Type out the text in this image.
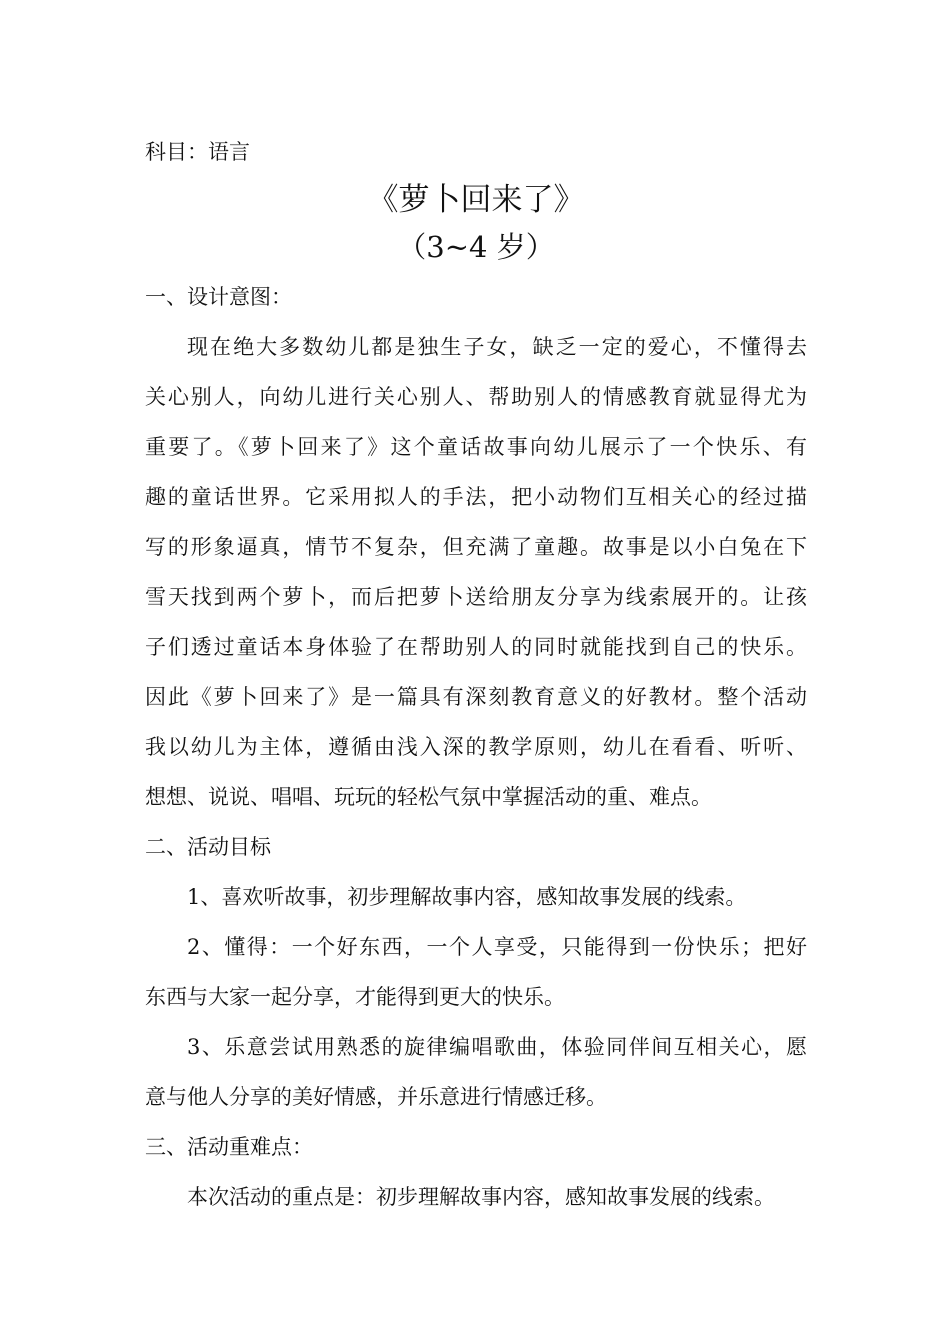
科目：语言
《萝卜回来了》
（3~4 岁）
一、设计意图：
现在绝大多数幼儿都是独生子女，缺乏一定的爱心，不懂得去
关心别人，向幼儿进行关心别人、帮助别人的情感教育就显得尤为
重要了。《萝卜回来了》这个童话故事向幼儿展示了一个快乐、有
趣的童话世界。它采用拟人的手法，把小动物们互相关心的经过描
写的形象逼真，情节不复杂，但充满了童趣。故事是以小白兔在下
雪天找到两个萝卜，而后把萝卜送给朋友分享为线索展开的。让孩
子们透过童话本身体验了在帮助别人的同时就能找到自己的快乐。
因此《萝卜回来了》是一篇具有深刻教育意义的好教材。整个活动
我以幼儿为主体，遵循由浅入深的教学原则，幼儿在看看、听听、
想想、说说、唱唱、玩玩的轻松气氛中掌握活动的重、难点。
二、活动目标
1、喜欢听故事，初步理解故事内容，感知故事发展的线索。
2、懂得：一个好东西，一个人享受，只能得到一份快乐；把好
东西与大家一起分享，才能得到更大的快乐。
3、乐意尝试用熟悉的旋律编唱歌曲，体验同伴间互相关心，愿
意与他人分享的美好情感，并乐意进行情感迁移。
三、活动重难点：
本次活动的重点是：初步理解故事内容，感知故事发展的线索。
